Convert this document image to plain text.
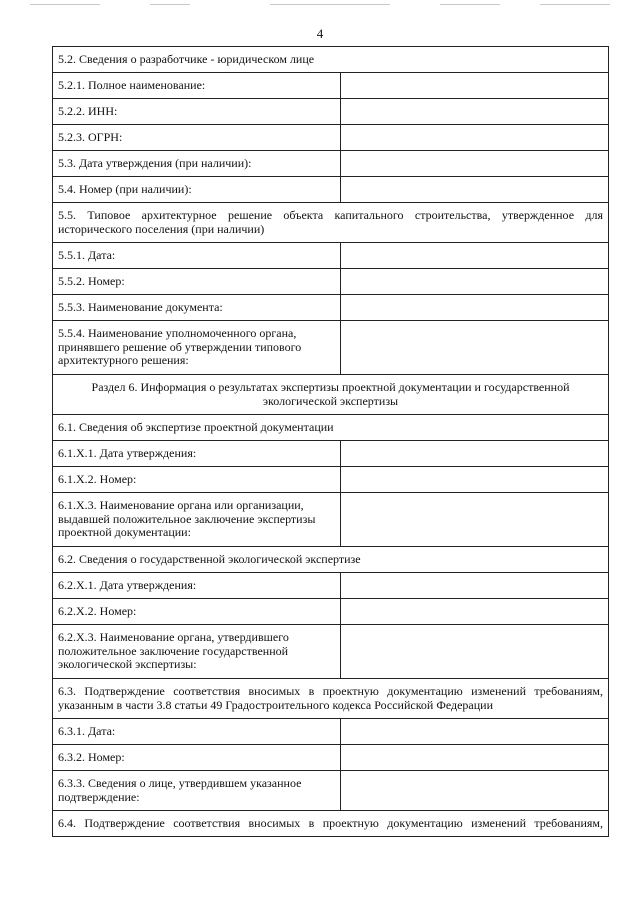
4
5.2. Сведения о разработчике - юридическом лице	
5.2.1. Полное наименование:	
5.2.2. ИНН:	
5.2.3. ОГРН:	
5.3. Дата утверждения (при наличии):	
5.4. Номер (при наличии):	

5.5. Типовое архитектурное решение объекта капитального строительства, утвержденное для
исторического поселения (при наличии)	
5.5.1. Дата:	
5.5.2. Номер:	
5.5.3. Наименование документа:	
5.5.4. Наименование уполномоченного органа, принявшего решение об утверждении типового архитектурного решения:	

Раздел 6. Информация о результатах экспертизы проектной документации и государственной
экологической экспертизы	

6.1. Сведения об экспертизе проектной документации	
6.1.Х.1. Дата утверждения:	
6.1.Х.2. Номер:	
6.1.Х.3. Наименование органа или организации, выдавшей положительное заключение экспертизы проектной документации:	
6.2. Сведения о государственной экологической экспертизе	
6.2.Х.1. Дата утверждения:	
6.2.Х.2. Номер:	
6.2.Х.3. Наименование органа, утвердившего положительное заключение государственной экологической экспертизы:	

6.3. Подтверждение соответствия вносимых в проектную документацию изменений требованиям,
указанным в части 3.8 статьи 49 Градостроительного кодекса Российской Федерации	
6.3.1. Дата:	
6.3.2. Номер:	
6.3.3. Сведения о лице, утвердившем указанное подтверждение:	

6.4. Подтверждение соответствия вносимых в проектную документацию изменений требованиям,	
